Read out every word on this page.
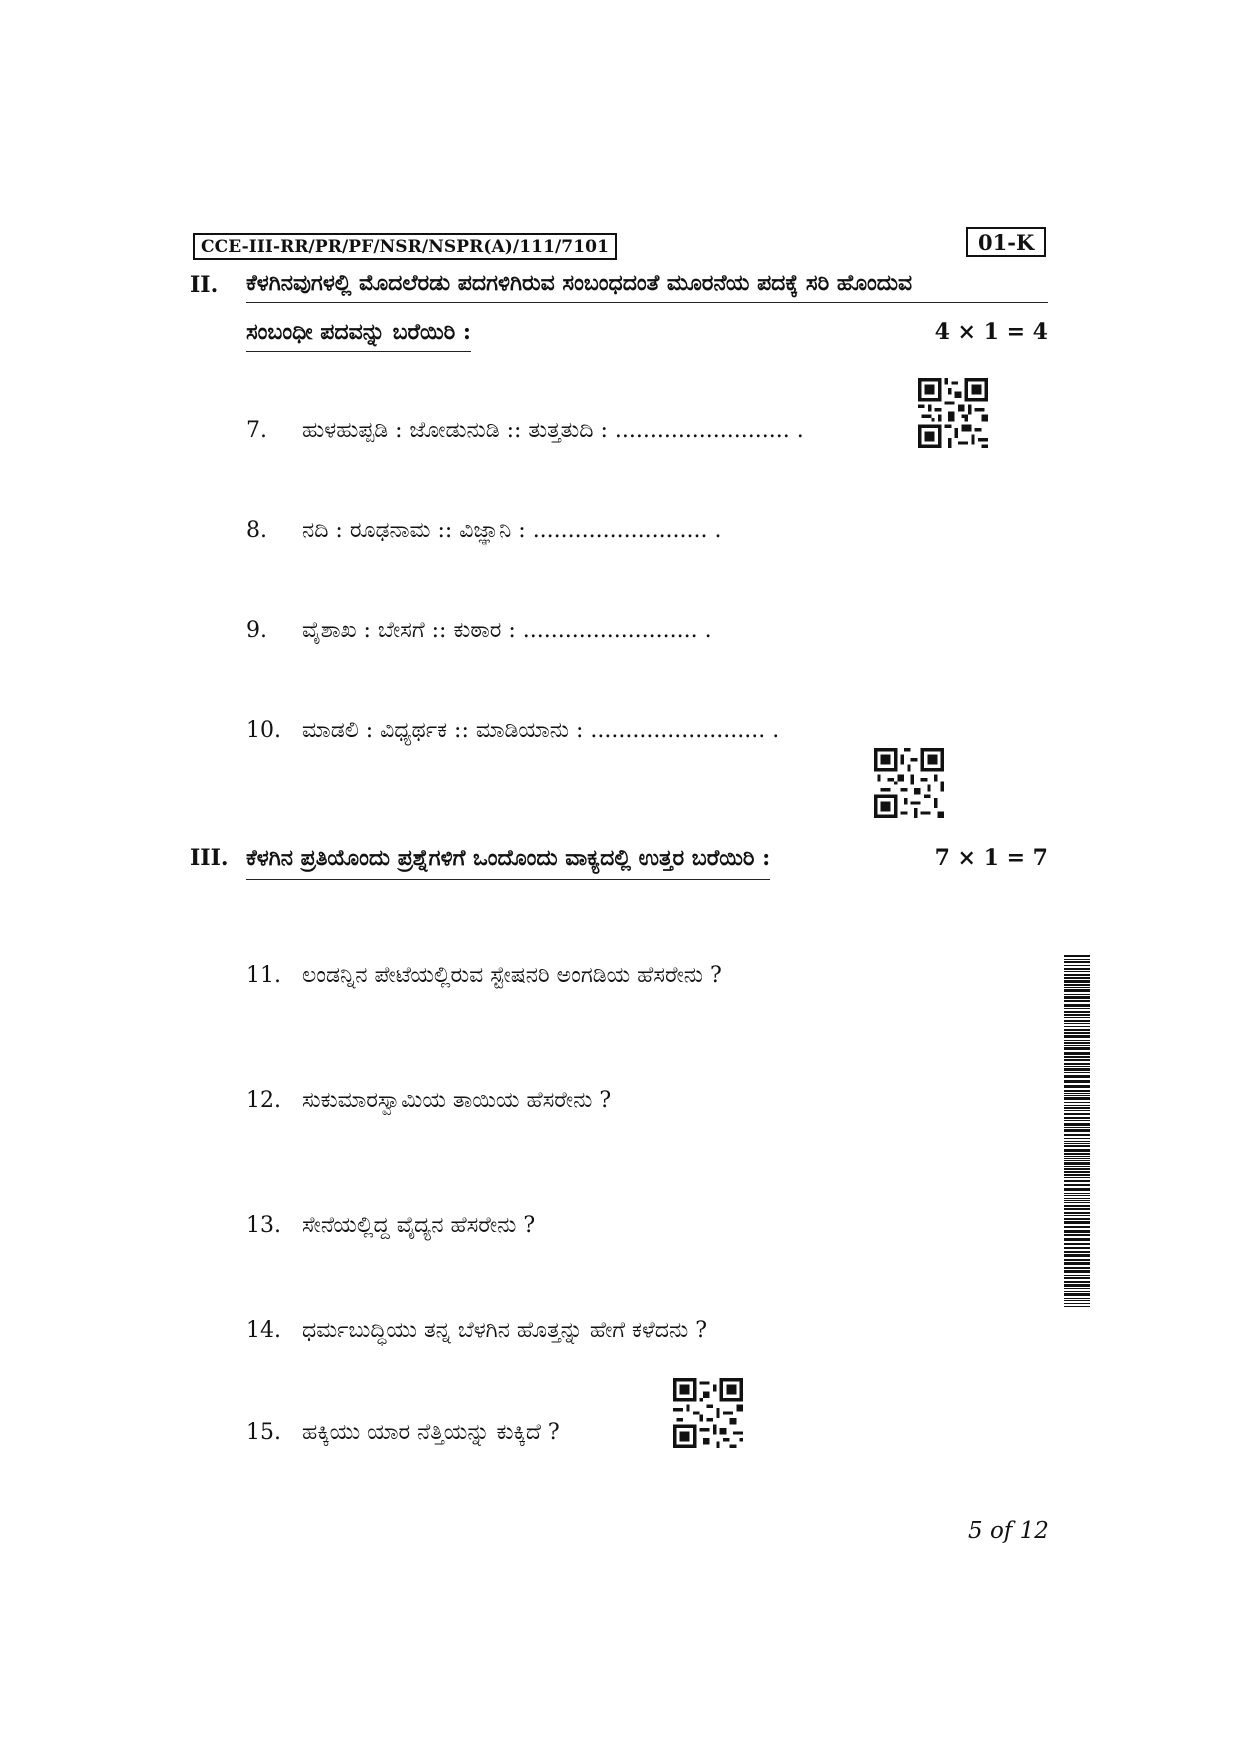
CCE-III-RR/PR/PF/NSR/NSPR(A)/111/7101	01-K
II. ಕೆಳಗಿನವುಗಳಲ್ಲಿ ಮೊದಲೆರಡು ಪದಗಳಿಗಿರುವ ಸಂಬಂಧದಂತೆ ಮೂರನೆಯ ಪದಕ್ಕೆ ಸರಿ ಹೊಂದುವ
ಸಂಬಂಧೀ ಪದವನ್ನು ಬರೆಯಿರಿ :	4 × 1 = 4
7. ಹುಳಹುಪ್ಪಡಿ : ಜೋಡುನುಡಿ :: ತುತ್ತತುದಿ : ......................... .
8. ನದಿ : ರೂಢನಾಮ :: ವಿಜ್ಞಾನಿ : ......................... .
9. ವೈಶಾಖ : ಬೇಸಗೆ :: ಕುಠಾರ : ......................... .
10. ಮಾಡಲಿ : ವಿಧ್ಯರ್ಥಕ :: ಮಾಡಿಯಾನು : ......................... .
III. ಕೆಳಗಿನ ಪ್ರತಿಯೊಂದು ಪ್ರಶ್ನೆಗಳಿಗೆ ಒಂದೊಂದು ವಾಕ್ಯದಲ್ಲಿ ಉತ್ತರ ಬರೆಯಿರಿ :	7 × 1 = 7
11. ಲಂಡನ್ನಿನ ಪೇಟೆಯಲ್ಲಿರುವ ಸ್ಟೇಷನರಿ ಅಂಗಡಿಯ ಹೆಸರೇನು ?
12. ಸುಕುಮಾರಸ್ವಾಮಿಯ ತಾಯಿಯ ಹೆಸರೇನು ?
13. ಸೇನೆಯಲ್ಲಿದ್ದ ವೈದ್ಯನ ಹೆಸರೇನು ?
14. ಧರ್ಮಬುದ್ಧಿಯು ತನ್ನ ಬೆಳಗಿನ ಹೊತ್ತನ್ನು ಹೇಗೆ ಕಳೆದನು ?
15. ಹಕ್ಕಿಯು ಯಾರ ನೆತ್ತಿಯನ್ನು ಕುಕ್ಕಿದೆ ?
5 of 12
